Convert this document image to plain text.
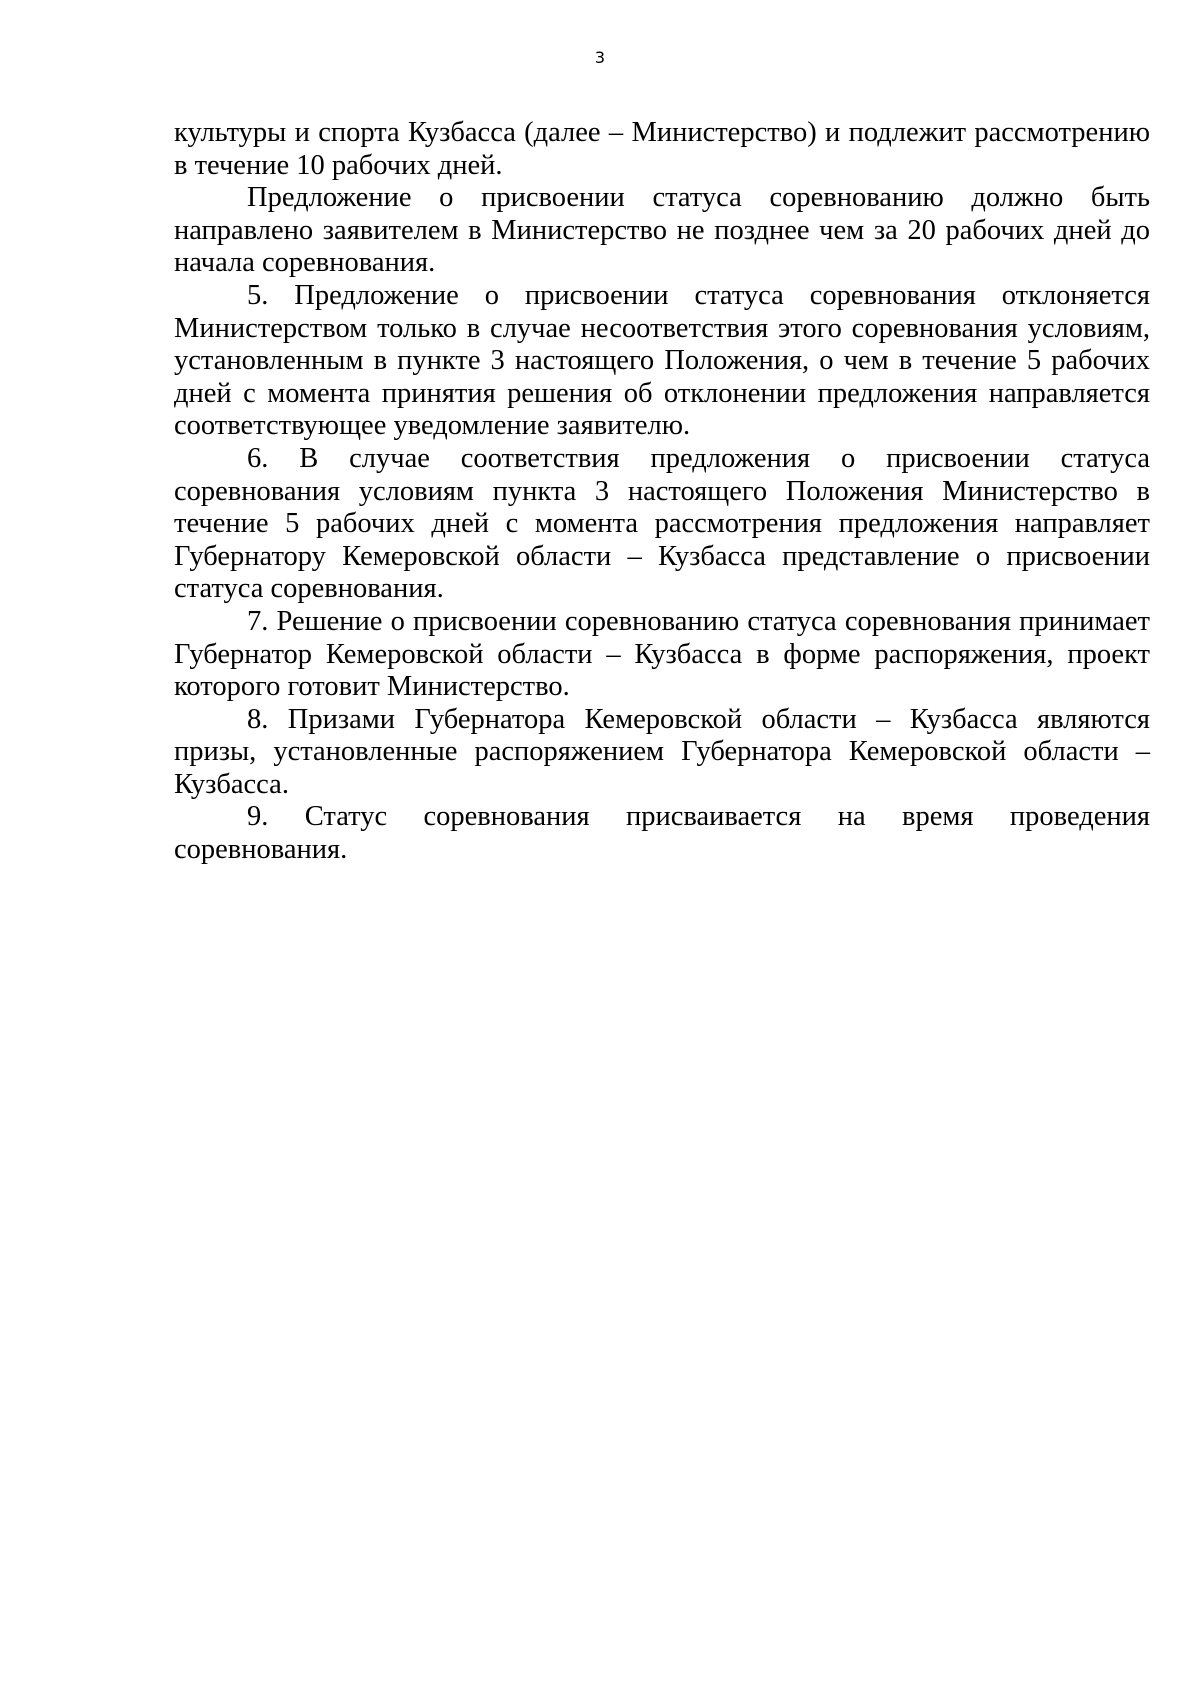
3

культуры и спорта Кузбасса (далее – Министерство) и подлежит рассмотрению в течение 10 рабочих дней.

Предложение о присвоении статуса соревнованию должно быть направлено заявителем в Министерство не позднее чем за 20 рабочих дней до начала соревнования.

5. Предложение о присвоении статуса соревнования отклоняется Министерством только в случае несоответствия этого соревнования условиям, установленным в пункте 3 настоящего Положения, о чем в течение 5 рабочих дней с момента принятия решения об отклонении предложения направляется соответствующее уведомление заявителю.

6. В случае соответствия предложения о присвоении статуса соревнования условиям пункта 3 настоящего Положения Министерство в течение 5 рабочих дней с момента рассмотрения предложения направляет Губернатору Кемеровской области – Кузбасса представление о присвоении статуса соревнования.

7. Решение о присвоении соревнованию статуса соревнования принимает Губернатор Кемеровской области – Кузбасса в форме распоряжения, проект которого готовит Министерство.

8. Призами Губернатора Кемеровской области – Кузбасса являются призы, установленные распоряжением Губернатора Кемеровской области – Кузбасса.

9. Статус соревнования присваивается на время проведения соревнования.
